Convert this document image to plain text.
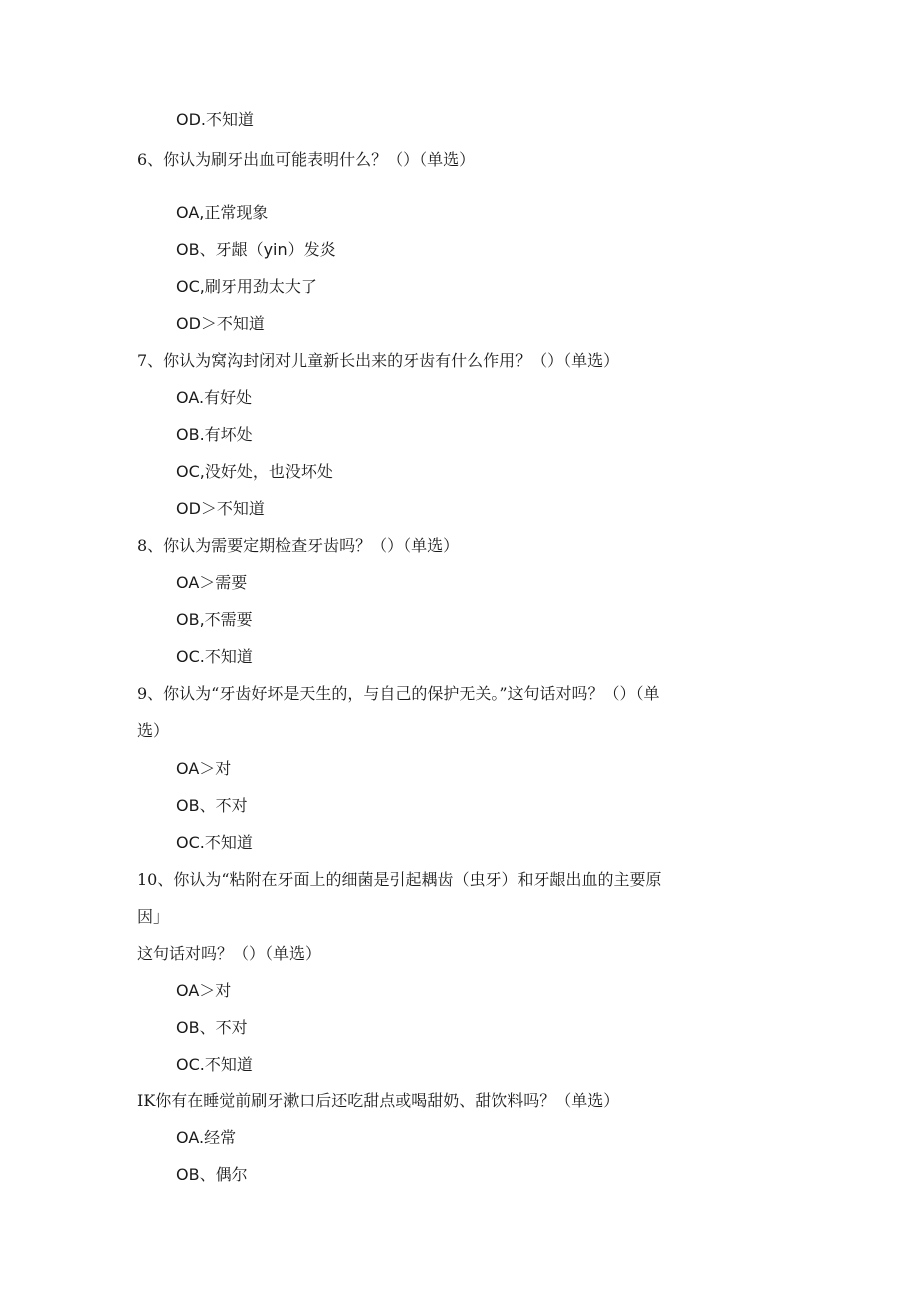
OD.不知道
6、你认为刷牙出血可能表明什么？（）（单选）
OA,正常现象
OB、牙龈（yin）发炎
OC,刷牙用劲太大了
OD＞不知道
7、你认为窝沟封闭对儿童新长出来的牙齿有什么作用？（）（单选）
OA.有好处
OB.有坏处
OC,没好处，也没坏处
OD＞不知道
8、你认为需要定期检查牙齿吗？（）（单选）
OA＞需要
OB,不需要
OC.不知道
9、你认为“牙齿好坏是天生的，与自己的保护无关。”这句话对吗？（）（单
选）
OA＞对
OB、不对
OC.不知道
10、你认为“粘附在牙面上的细菌是引起耦齿（虫牙）和牙龈出血的主要原
因」
这句话对吗？（）（单选）
OA＞对
OB、不对
OC.不知道
IK你有在睡觉前刷牙漱口后还吃甜点或喝甜奶、甜饮料吗？（单选）
OA.经常
OB、偶尔
